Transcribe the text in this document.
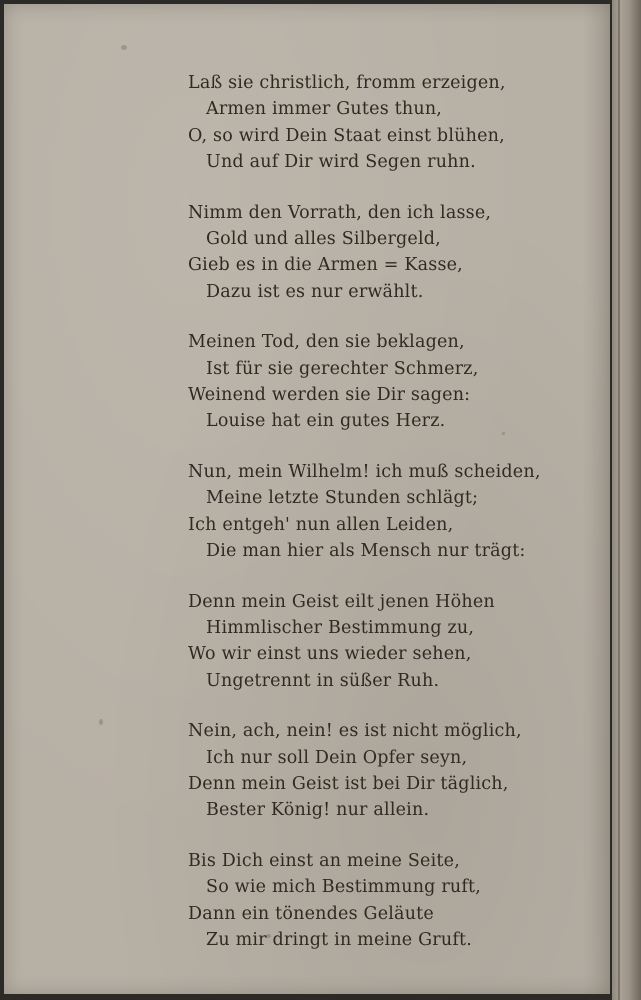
Laß sie christlich, fromm erzeigen,
Armen immer Gutes thun,
O, so wird Dein Staat einst blühen,
Und auf Dir wird Segen ruhn.
Nimm den Vorrath, den ich lasse,
Gold und alles Silbergeld,
Gieb es in die Armen = Kasse,
Dazu ist es nur erwählt.
Meinen Tod, den sie beklagen,
Ist für sie gerechter Schmerz,
Weinend werden sie Dir sagen:
Louise hat ein gutes Herz.
Nun, mein Wilhelm! ich muß scheiden,
Meine letzte Stunden schlägt;
Ich entgeh' nun allen Leiden,
Die man hier als Mensch nur trägt:
Denn mein Geist eilt jenen Höhen
Himmlischer Bestimmung zu,
Wo wir einst uns wieder sehen,
Ungetrennt in süßer Ruh.
Nein, ach, nein! es ist nicht möglich,
Ich nur soll Dein Opfer seyn,
Denn mein Geist ist bei Dir täglich,
Bester König! nur allein.
Bis Dich einst an meine Seite,
So wie mich Bestimmung ruft,
Dann ein tönendes Geläute
Zu mir dringt in meine Gruft.
